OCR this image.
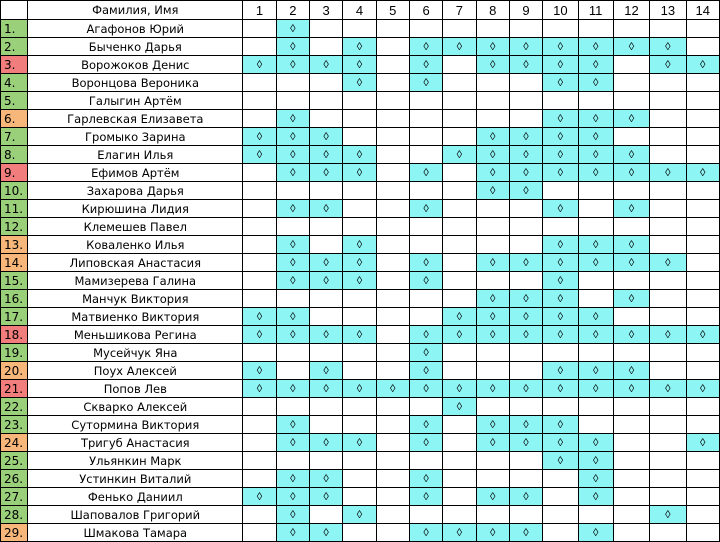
	Фамилия, Имя	1	2	3	4	5	6	7	8	9	10	11	12	13	14
1.	Агафонов Юрий		◊												
2.	Быченко Дарья		◊		◊		◊	◊	◊	◊	◊	◊	◊	◊	
3.	Ворожоков Денис	◊	◊	◊	◊		◊		◊	◊	◊	◊		◊	◊
4.	Воронцова Вероника				◊		◊				◊	◊			
5.	Галыгин Артём														
6.	Гарлевская Елизавета		◊								◊	◊	◊		
7.	Громыко Зарина	◊	◊	◊					◊	◊	◊	◊			
8.	Елагин Илья	◊	◊	◊	◊			◊	◊	◊	◊	◊	◊		
9.	Ефимов Артём		◊	◊	◊		◊		◊	◊	◊	◊	◊	◊	◊
10.	Захарова Дарья								◊	◊					
11.	Кирюшина Лидия		◊	◊			◊				◊		◊		
12.	Клемешев Павел														
13.	Коваленко Илья		◊		◊						◊	◊	◊		
14.	Липовская Анастасия		◊	◊	◊		◊		◊	◊	◊	◊	◊	◊	
15.	Мамизерева Галина		◊	◊	◊		◊				◊				
16.	Манчук Виктория								◊	◊	◊		◊		
17.	Матвиенко Виктория	◊	◊					◊	◊	◊	◊	◊			
18.	Меньшикова Регина	◊	◊	◊	◊		◊	◊	◊	◊	◊	◊	◊	◊	◊
19.	Мусейчук Яна						◊								
20.	Поух Алексей	◊		◊			◊				◊	◊	◊		
21.	Попов Лев	◊	◊	◊	◊	◊	◊	◊	◊	◊	◊	◊	◊	◊	◊
22.	Скварко Алексей							◊							
23.	Сутормина Виктория		◊				◊		◊	◊	◊				
24.	Тригуб Анастасия		◊	◊	◊		◊		◊	◊	◊	◊			◊
25.	Ульянкин Марк										◊	◊			
26.	Устинкин Виталий		◊	◊			◊					◊			
27.	Фенько Даниил	◊	◊	◊			◊		◊	◊		◊			
28.	Шаповалов Григорий		◊		◊									◊	
29.	Шмакова Тамара		◊	◊			◊	◊	◊	◊		◊			
